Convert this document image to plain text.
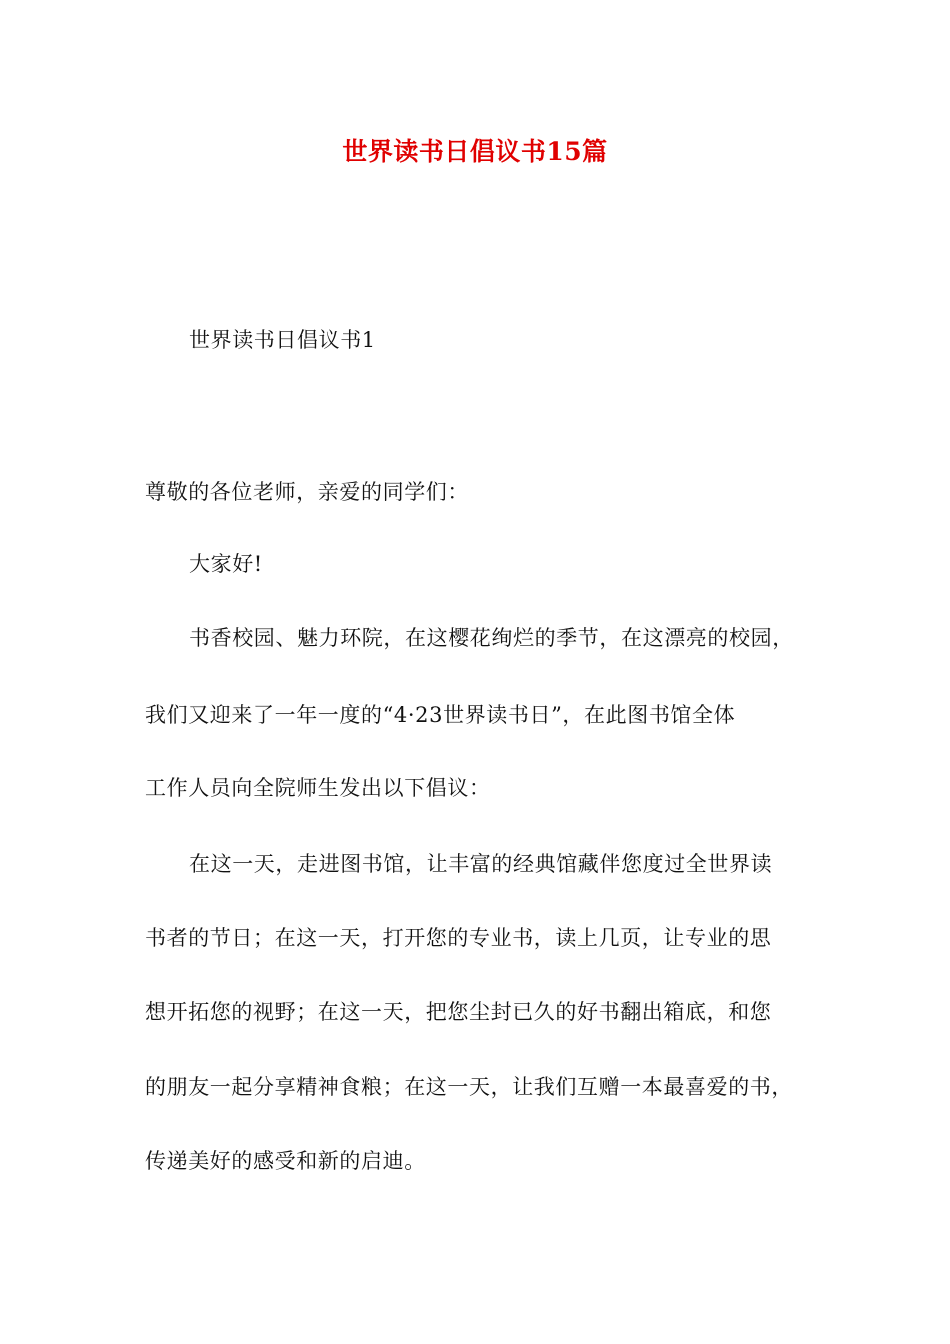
世界读书日倡议书15篇

世界读书日倡议书1

尊敬的各位老师，亲爱的同学们：

大家好!

书香校园、魅力环院，在这樱花绚烂的季节，在这漂亮的校园，

我们又迎来了一年一度的“4·23世界读书日”，在此图书馆全体

工作人员向全院师生发出以下倡议：

在这一天，走进图书馆，让丰富的经典馆藏伴您度过全世界读

书者的节日；在这一天，打开您的专业书，读上几页，让专业的思

想开拓您的视野；在这一天，把您尘封已久的好书翻出箱底，和您

的朋友一起分享精神食粮；在这一天，让我们互赠一本最喜爱的书，

传递美好的感受和新的启迪。
